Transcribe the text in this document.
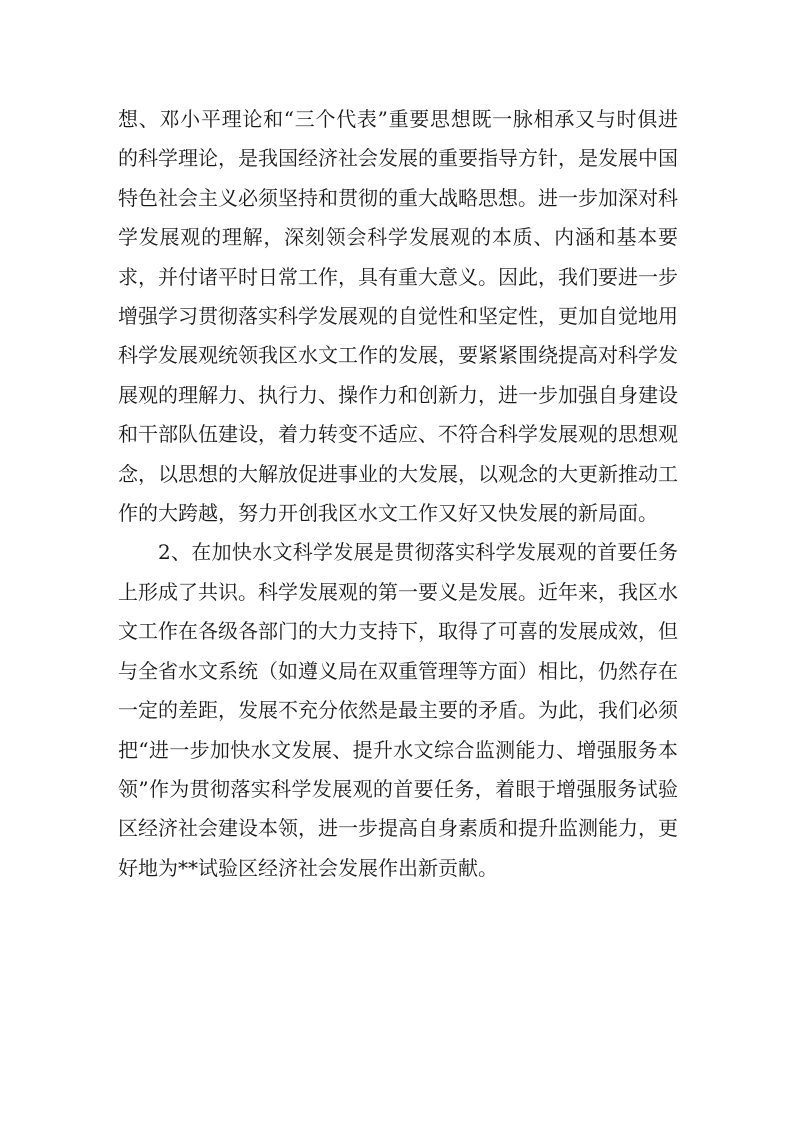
想、邓小平理论和“三个代表”重要思想既一脉相承又与时俱进的科学理论，是我国经济社会发展的重要指导方针，是发展中国特色社会主义必须坚持和贯彻的重大战略思想。进一步加深对科学发展观的理解，深刻领会科学发展观的本质、内涵和基本要求，并付诸平时日常工作，具有重大意义。因此，我们要进一步增强学习贯彻落实科学发展观的自觉性和坚定性，更加自觉地用科学发展观统领我区水文工作的发展，要紧紧围绕提高对科学发展观的理解力、执行力、操作力和创新力，进一步加强自身建设和干部队伍建设，着力转变不适应、不符合科学发展观的思想观念，以思想的大解放促进事业的大发展，以观念的大更新推动工作的大跨越，努力开创我区水文工作又好又快发展的新局面。

2、在加快水文科学发展是贯彻落实科学发展观的首要任务上形成了共识。科学发展观的第一要义是发展。近年来，我区水文工作在各级各部门的大力支持下，取得了可喜的发展成效，但与全省水文系统（如遵义局在双重管理等方面）相比，仍然存在一定的差距，发展不充分依然是最主要的矛盾。为此，我们必须把“进一步加快水文发展、提升水文综合监测能力、增强服务本领”作为贯彻落实科学发展观的首要任务，着眼于增强服务试验区经济社会建设本领，进一步提高自身素质和提升监测能力，更好地为**试验区经济社会发展作出新贡献。
